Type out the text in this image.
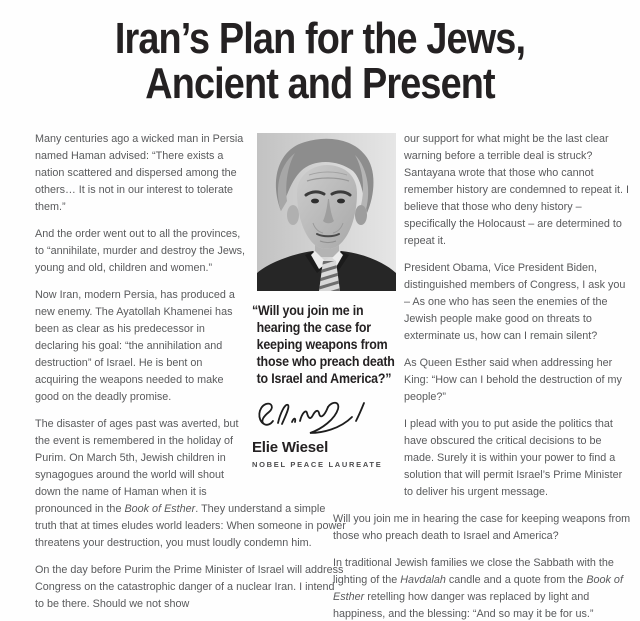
Iran’s Plan for the Jews,
Ancient and Present

Many centuries ago a wicked man in Persia named Haman advised: “There exists a nation scattered and dispersed among the others… It is not in our interest to tolerate them.”

And the order went out to all the provinces, to “annihilate, murder and destroy the Jews, young and old, children and women.”

Now Iran, modern Persia, has produced a new enemy. The Ayatollah Khamenei has been as clear as his predecessor in declaring his goal: “the annihilation and destruction” of Israel. He is bent on acquiring the weapons needed to make good on the deadly promise.

The disaster of ages past was averted, but the event is remembered in the holiday of Purim. On March 5th, Jewish children in synagogues around the world will shout down the name of Haman when it is pronounced in the Book of Esther. They understand a simple truth that at times eludes world leaders: When someone in power threatens your destruction, you must loudly condemn him.

On the day before Purim the Prime Minister of Israel will address Congress on the catastrophic danger of a nuclear Iran. I intend to be there. Should we not show

our support for what might be the last clear warning before a terrible deal is struck? Santayana wrote that those who cannot remember history are condemned to repeat it. I believe that those who deny history – specifically the Holocaust – are determined to repeat it.

President Obama, Vice President Biden, distinguished members of Congress, I ask you – As one who has seen the enemies of the Jewish people make good on threats to exterminate us, how can I remain silent?

As Queen Esther said when addressing her King: “How can I behold the destruction of my people?”

I plead with you to put aside the politics that have obscured the critical decisions to be made. Surely it is within your power to find a solution that will permit Israel’s Prime Minister to deliver his urgent message.

Will you join me in hearing the case for keeping weapons from those who preach death to Israel and America?

In traditional Jewish families we close the Sabbath with the lighting of the Havdalah candle and a quote from the Book of Esther retelling how danger was replaced by light and happiness, and the blessing: “And so may it be for us.”

“Will you join me in hearing the case for keeping weapons from those who preach death to Israel and America?”
Elie Wiesel
NOBEL PEACE LAUREATE
